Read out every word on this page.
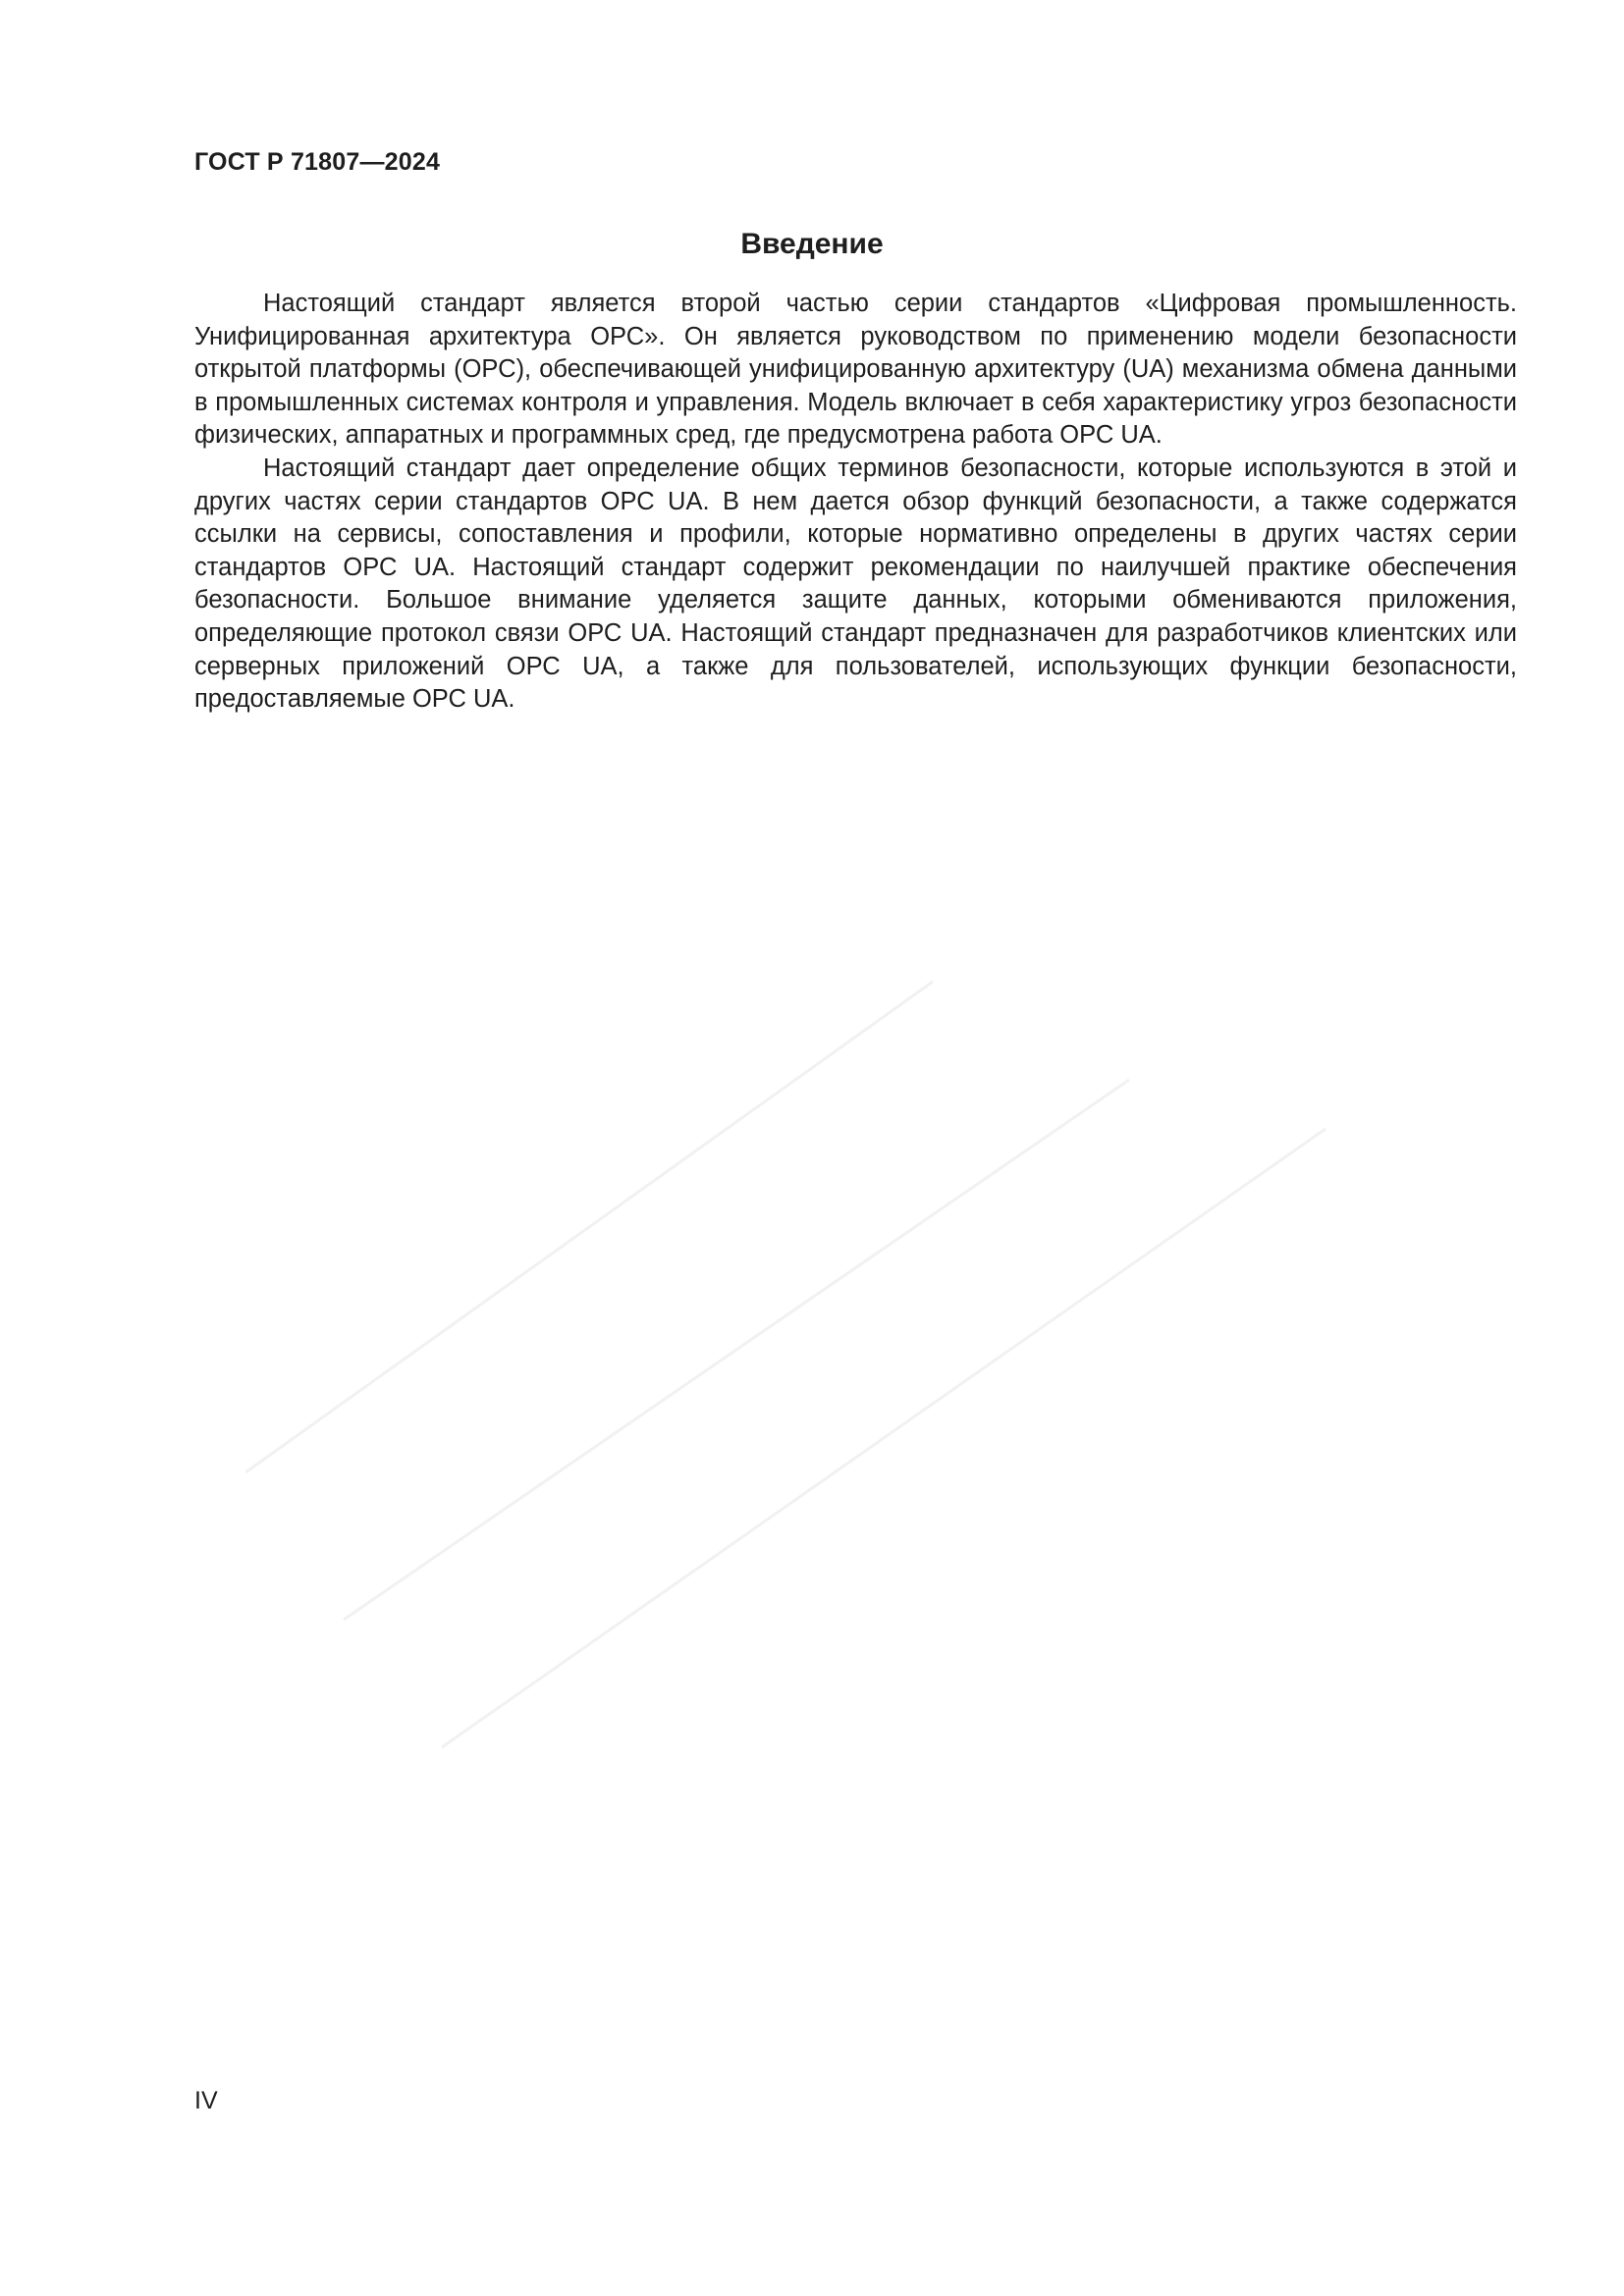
ГОСТ Р 71807—2024
Введение

Настоящий стандарт является второй частью серии стандартов «Цифровая промышленность. Унифицированная архитектура ОРС». Он является руководством по применению модели безопасности открытой платформы (ОРС), обеспечивающей унифицированную архитектуру (UA) механизма обмена данными в промышленных системах контроля и управления. Модель включает в себя характеристику угроз безопасности физических, аппаратных и программных сред, где предусмотрена работа ОРС UA.

Настоящий стандарт дает определение общих терминов безопасности, которые используются в этой и других частях серии стандартов ОРС UA. В нем дается обзор функций безопасности, а также содержатся ссылки на сервисы, сопоставления и профили, которые нормативно определены в других частях серии стандартов ОРС UA. Настоящий стандарт содержит рекомендации по наилучшей практике обеспечения безопасности. Большое внимание уделяется защите данных, которыми обмениваются приложения, определяющие протокол связи ОРС UA. Настоящий стандарт предназначен для разработчиков клиентских или серверных приложений ОРС UA, а также для пользователей, использующих функции безопасности, предоставляемые ОРС UA.

IV
